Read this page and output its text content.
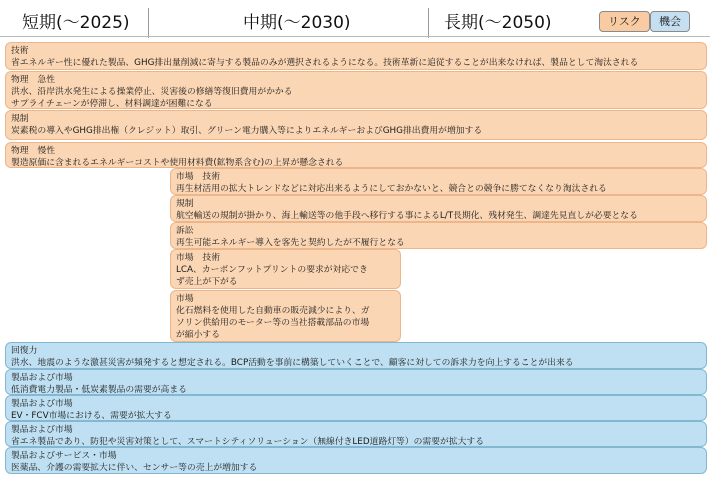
短期(〜2025)	中期(〜2030)	長期(〜2050)	リスク	機会
技術
省エネルギー性に優れた製品、GHG排出量削減に寄与する製品のみが選択されるようになる。技術革新に追従することが出来なければ、製品として淘汰される
物理　急性
洪水、沿岸洪水発生による操業停止、災害後の修繕等復旧費用がかかる
サプライチェーンが停滞し、材料調達が困難になる
規制
炭素税の導入やGHG排出権（クレジット）取引、グリーン電力購入等によりエネルギーおよびGHG排出費用が増加する
物理　慢性
製造原価に含まれるエネルギーコストや使用材料費(鉱物系含む)の上昇が懸念される
市場　技術
再生材活用の拡大トレンドなどに対応出来るようにしておかないと、競合との競争に勝てなくなり淘汰される
規制
航空輸送の規制が掛かり、海上輸送等の他手段へ移行する事によるL/T長期化、残材発生、調達先見直しが必要となる
訴訟
再生可能エネルギー導入を客先と契約したが不履行となる
市場　技術
LCA、カーボンフットプリントの要求が対応でき
ず売上が下がる
市場
化石燃料を使用した自動車の販売減少により、ガ
ソリン供給用のモーター等の当社搭載部品の市場
が縮小する
回復力
洪水、地震のような激甚災害が頻発すると想定される。BCP活動を事前に構築していくことで、顧客に対しての訴求力を向上することが出来る
製品および市場
低消費電力製品・低炭素製品の需要が高まる
製品および市場
EV・FCV市場における、需要が拡大する
製品および市場
省エネ製品であり、防犯や災害対策として、スマートシティソリューション（無線付きLED道路灯等）の需要が拡大する
製品およびサービス・市場
医薬品、介護の需要拡大に伴い、センサー等の売上が増加する
